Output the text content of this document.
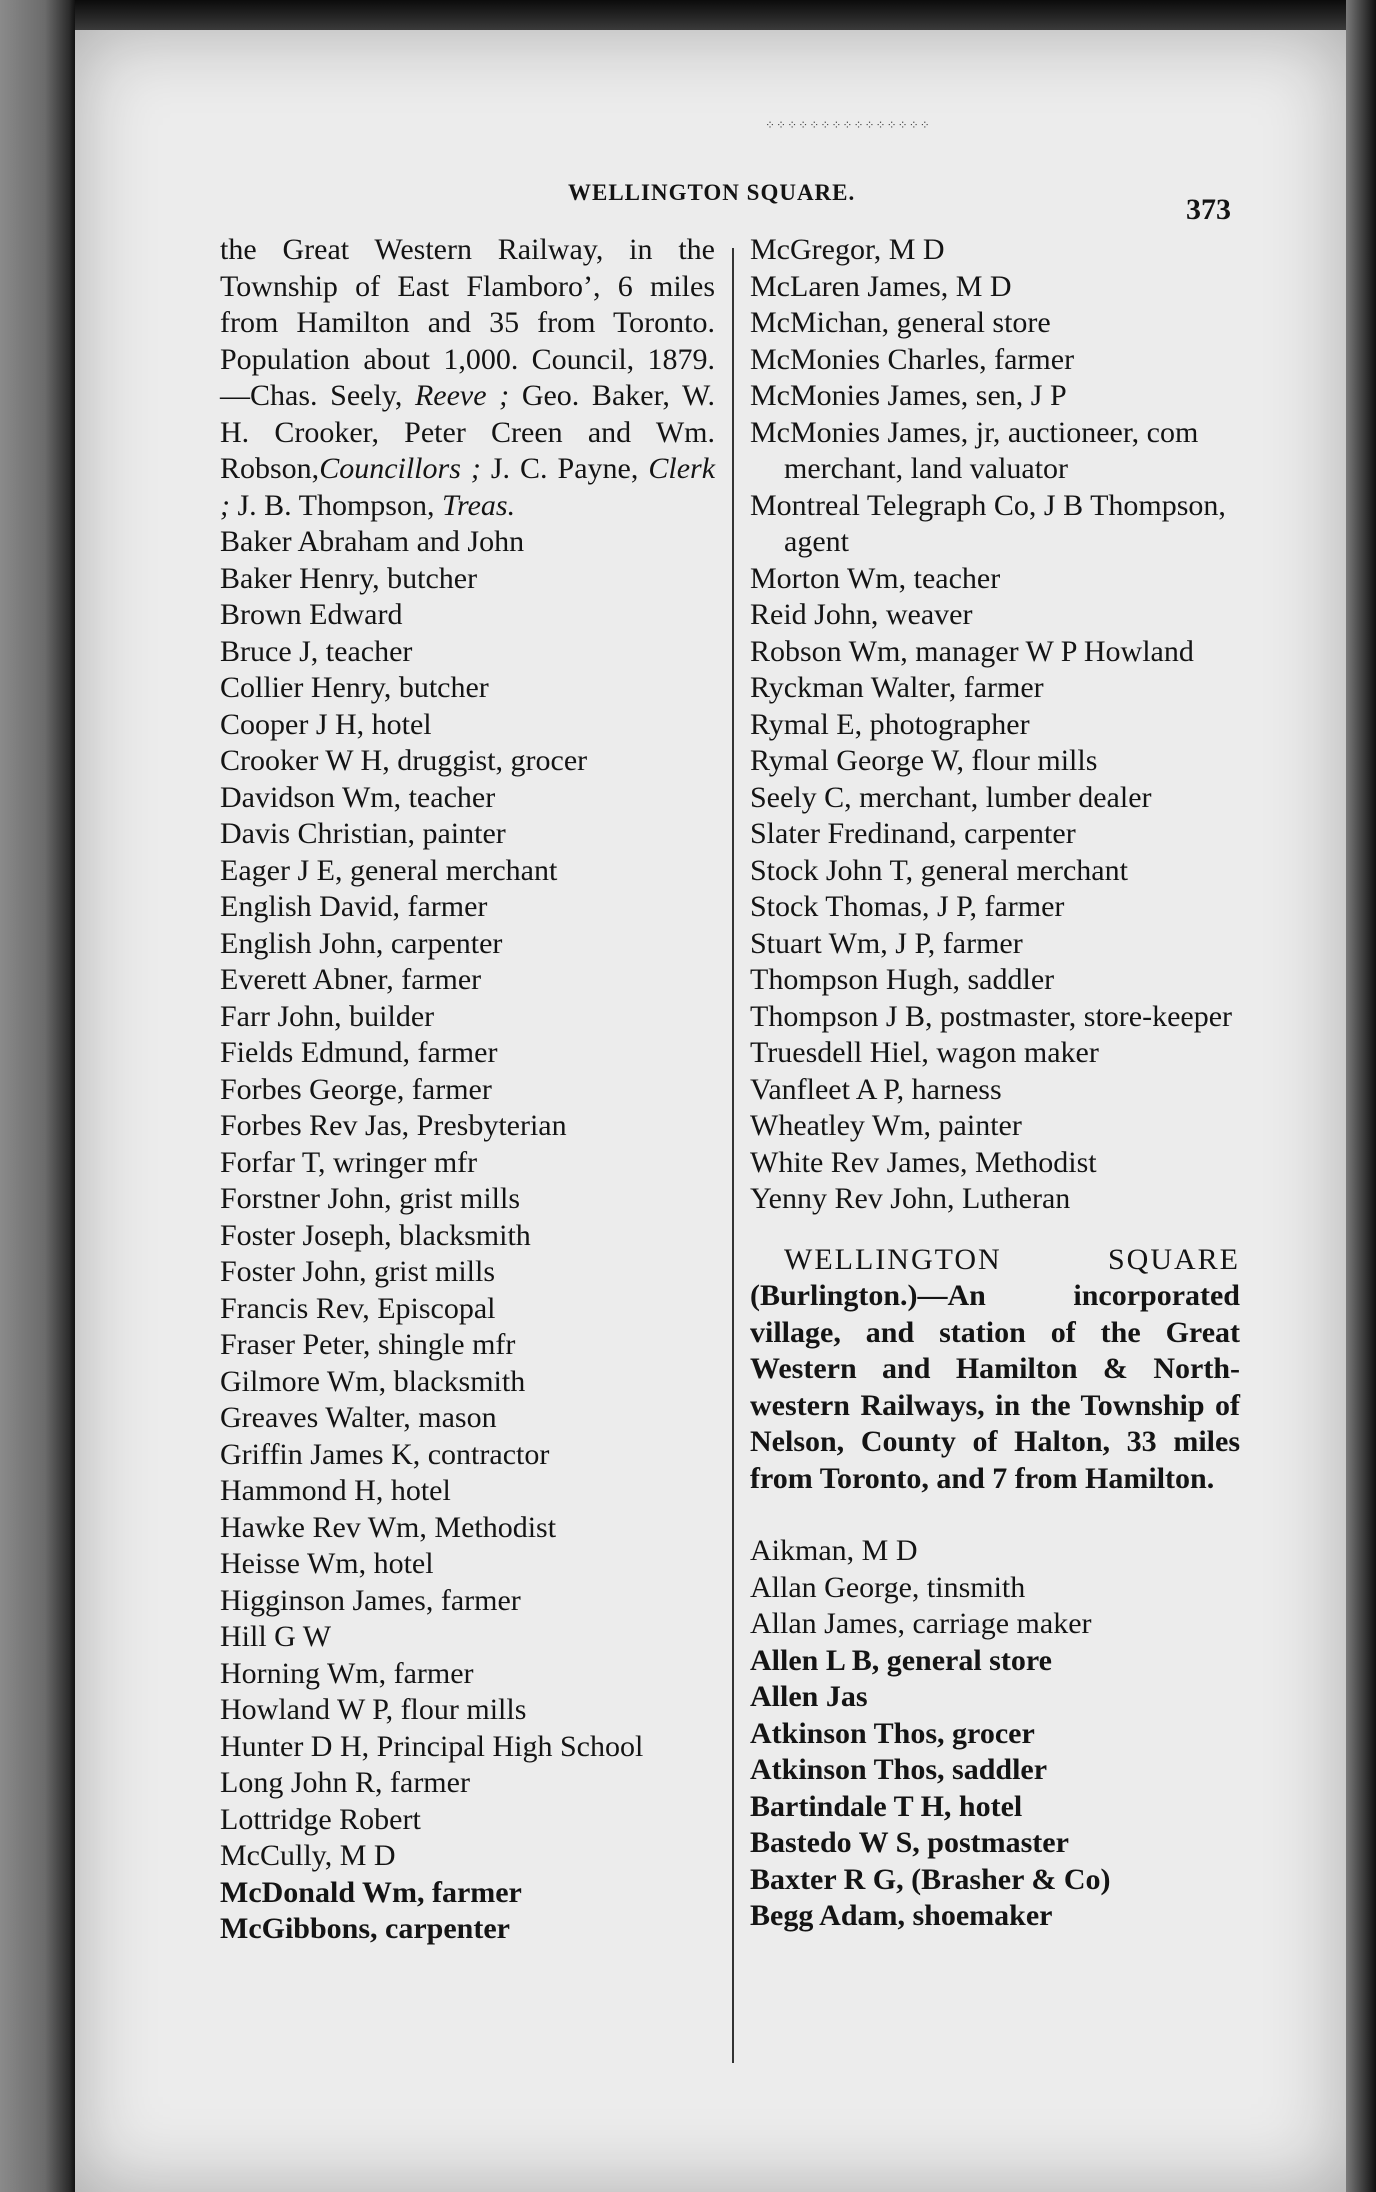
⁘⁘⁘⁘⁘⁘⁘⁘⁘⁘⁘⁘⁘⁘⁘
WELLINGTON SQUARE.
373

the Great Western Railway, in the Township of East Flamboro’, 6 miles from Hamilton and 35 from Toronto. Population about 1,000. Council, 1879.—Chas. Seely, Reeve ; Geo. Baker, W. H. Crooker, Peter Creen and Wm. Robson,Councillors ; J. C. Payne, Clerk ; J. B. Thompson, Treas.

Baker Abraham and John

Baker Henry, butcher

Brown Edward

Bruce J, teacher

Collier Henry, butcher

Cooper J H, hotel

Crooker W H, druggist, grocer

Davidson Wm, teacher

Davis Christian, painter

Eager J E, general merchant

English David, farmer

English John, carpenter

Everett Abner, farmer

Farr John, builder

Fields Edmund, farmer

Forbes George, farmer

Forbes Rev Jas, Presbyterian

Forfar T, wringer mfr

Forstner John, grist mills

Foster Joseph, blacksmith

Foster John, grist mills

Francis Rev, Episcopal

Fraser Peter, shingle mfr

Gilmore Wm, blacksmith

Greaves Walter, mason

Griffin James K, contractor

Hammond H, hotel

Hawke Rev Wm, Methodist

Heisse Wm, hotel

Higginson James, farmer

Hill G W

Horning Wm, farmer

Howland W P, flour mills

Hunter D H, Principal High School

Long John R, farmer

Lottridge Robert

McCully, M D

McDonald Wm, farmer

McGibbons, carpenter

McGregor, M D

McLaren James, M D

McMichan, general store

McMonies Charles, farmer

McMonies James, sen, J P

McMonies James, jr, auctioneer, com merchant, land valuator

Montreal Telegraph Co, J B Thompson, agent

Morton Wm, teacher

Reid John, weaver

Robson Wm, manager W P Howland

Ryckman Walter, farmer

Rymal E, photographer

Rymal George W, flour mills

Seely C, merchant, lumber dealer

Slater Fredinand, carpenter

Stock John T, general merchant

Stock Thomas, J P, farmer

Stuart Wm, J P, farmer

Thompson Hugh, saddler

Thompson J B, postmaster, store-keeper

Truesdell Hiel, wagon maker

Vanfleet A P, harness

Wheatley Wm, painter

White Rev James, Methodist

Yenny Rev John, Lutheran

WELLINGTON SQUARE

(Burlington.)—An incorporated village, and station of the Great Western and Hamilton & North-western Railways, in the Township of Nelson, County of Halton, 33 miles from Toronto, and 7 from Hamilton.

Aikman, M D

Allan George, tinsmith

Allan James, carriage maker

Allen L B, general store

Allen Jas

Atkinson Thos, grocer

Atkinson Thos, saddler

Bartindale T H, hotel

Bastedo W S, postmaster

Baxter R G, (Brasher & Co)

Begg Adam, shoemaker
